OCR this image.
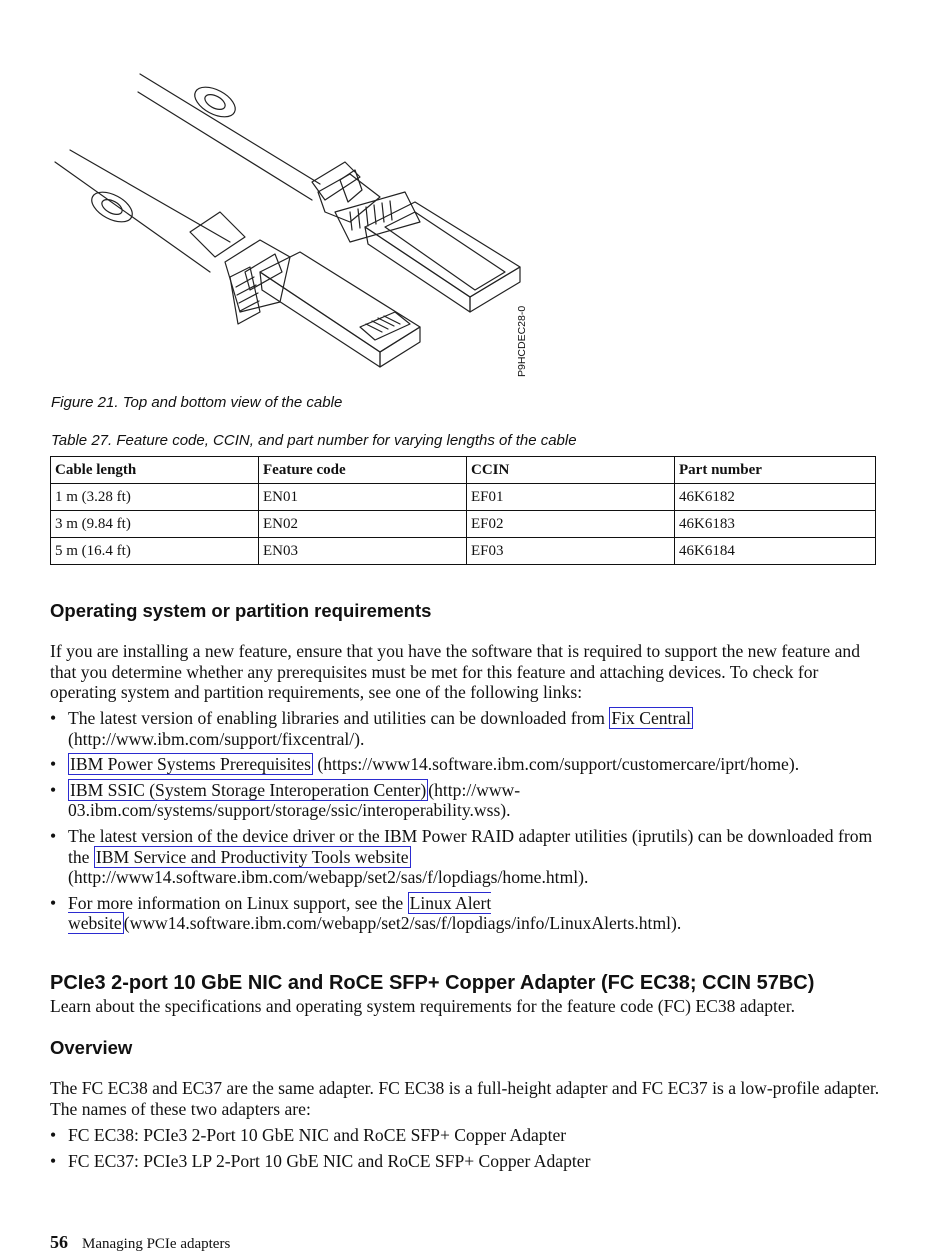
P9HCDEC28-0
Figure 21. Top and bottom view of the cable
Table 27. Feature code, CCIN, and part number for varying lengths of the cable
Cable length	Feature code	CCIN	Part number
1 m (3.28 ft)	EN01	EF01	46K6182
3 m (9.84 ft)	EN02	EF02	46K6183
5 m (16.4 ft)	EN03	EF03	46K6184
Operating system or partition requirements

If you are installing a new feature, ensure that you have the software that is required to support the new feature and that you determine whether any prerequisites must be met for this feature and attaching devices. To check for operating system and partition requirements, see one of the following links:

• The latest version of enabling libraries and utilities can be downloaded from Fix Central (http://www.ibm.com/support/fixcentral/).
• IBM Power Systems Prerequisites (https://www14.software.ibm.com/support/customercare/iprt/home).
• IBM SSIC (System Storage Interoperation Center) (http://www-03.ibm.com/systems/support/storage/ssic/interoperability.wss).
• The latest version of the device driver or the IBM Power RAID adapter utilities (iprutils) can be downloaded from the IBM Service and Productivity Tools website (http://www14.software.ibm.com/webapp/set2/sas/f/lopdiags/home.html).
• For more information on Linux support, see the Linux Alert website (www14.software.ibm.com/webapp/set2/sas/f/lopdiags/info/LinuxAlerts.html).
PCIe3 2-port 10 GbE NIC and RoCE SFP+ Copper Adapter (FC EC38; CCIN 57BC)

Learn about the specifications and operating system requirements for the feature code (FC) EC38 adapter.

Overview

The FC EC38 and EC37 are the same adapter. FC EC38 is a full-height adapter and FC EC37 is a low-profile adapter. The names of these two adapters are:

• FC EC38: PCIe3 2-Port 10 GbE NIC and RoCE SFP+ Copper Adapter
• FC EC37: PCIe3 LP 2-Port 10 GbE NIC and RoCE SFP+ Copper Adapter
56 Managing PCIe adapters
